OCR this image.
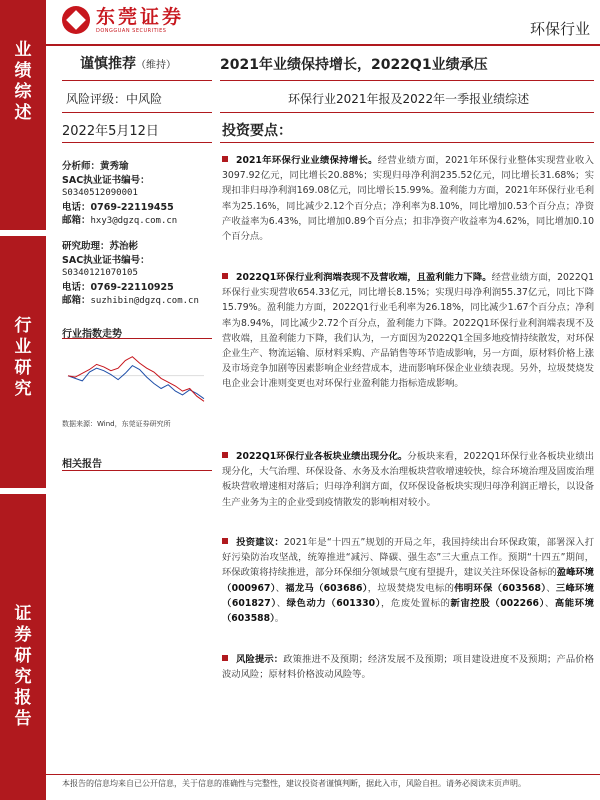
业
绩
综
述
行
业
研
究
证
券
研
究
报
告
东莞证券
DONGGUAN SECURITIES	环保行业
谨慎推荐（维持）
风险评级：中风险
2021年业绩保持增长，2022Q1业绩承压
环保行业2021年报及2022年一季报业绩综述
2022年5月12日	投资要点：
分析师：黄秀瑜
SAC执业证书编号：
S0340512090001
电话：0769-22119455
邮箱：hxy3@dgzq.com.cn
研究助理：苏治彬
SAC执业证书编号：
S0340121070105
电话：0769-22110925
邮箱：suzhibin@dgzq.com.cn
行业指数走势
数据来源：Wind，东莞证券研究所
相关报告
2021年环保行业业绩保持增长。经营业绩方面，2021年环保行业整体实现营业收入3097.92亿元，同比增长20.88%；实现归母净利润235.52亿元，同比增长31.68%；实现扣非归母净利润169.08亿元，同比增长15.99%。盈利能力方面，2021年环保行业毛利率为25.16%，同比减少2.12个百分点；净利率为8.10%，同比增加0.53个百分点；净资产收益率为6.43%，同比增加0.89个百分点；扣非净资产收益率为4.62%，同比增加0.10个百分点。
2022Q1环保行业利润端表现不及营收端，且盈利能力下降。经营业绩方面，2022Q1环保行业实现营收654.33亿元，同比增长8.15%；实现归母净利润55.37亿元，同比下降15.79%。盈利能力方面，2022Q1行业毛利率为26.18%，同比减少1.67个百分点；净利率为8.94%，同比减少2.72个百分点，盈利能力下降。2022Q1环保行业利润端表现不及营收端，且盈利能力下降，我们认为，一方面因为2022Q1全国多地疫情持续散发，对环保企业生产、物流运输、原材料采购、产品销售等环节造成影响，另一方面，原材料价格上涨及市场竞争加剧等因素影响企业经营成本，进而影响环保企业业绩表现。另外，垃圾焚烧发电企业会计准则变更也对环保行业盈利能力指标造成影响。
2022Q1环保行业各板块业绩出现分化。分板块来看，2022Q1环保行业各板块业绩出现分化，大气治理、环保设备、水务及水治理板块营收增速较快，综合环境治理及固废治理板块营收增速相对落后；归母净利润方面，仅环保设备板块实现归母净利润正增长，以设备生产业务为主的企业受到疫情散发的影响相对较小。
投资建议：2021年是“十四五”规划的开局之年，我国持续出台环保政策，部署深入打好污染防治攻坚战，统筹推进“减污、降碳、强生态”三大重点工作。预期“十四五”期间，环保政策将持续推进，部分环保细分领域景气度有望提升，建议关注环保设备标的盈峰环境（000967）、福龙马（603686），垃圾焚烧发电标的伟明环保（603568）、三峰环境（601827）、绿色动力（601330），危废处置标的新宙控股（002266）、高能环境（603588）。
风险提示：政策推进不及预期；经济发展不及预期；项目建设进度不及预期；产品价格波动风险；原材料价格波动风险等。
本报告的信息均来自已公开信息，关于信息的准确性与完整性，建议投资者谨慎判断，据此入市，风险自担。请务必阅读末页声明。
